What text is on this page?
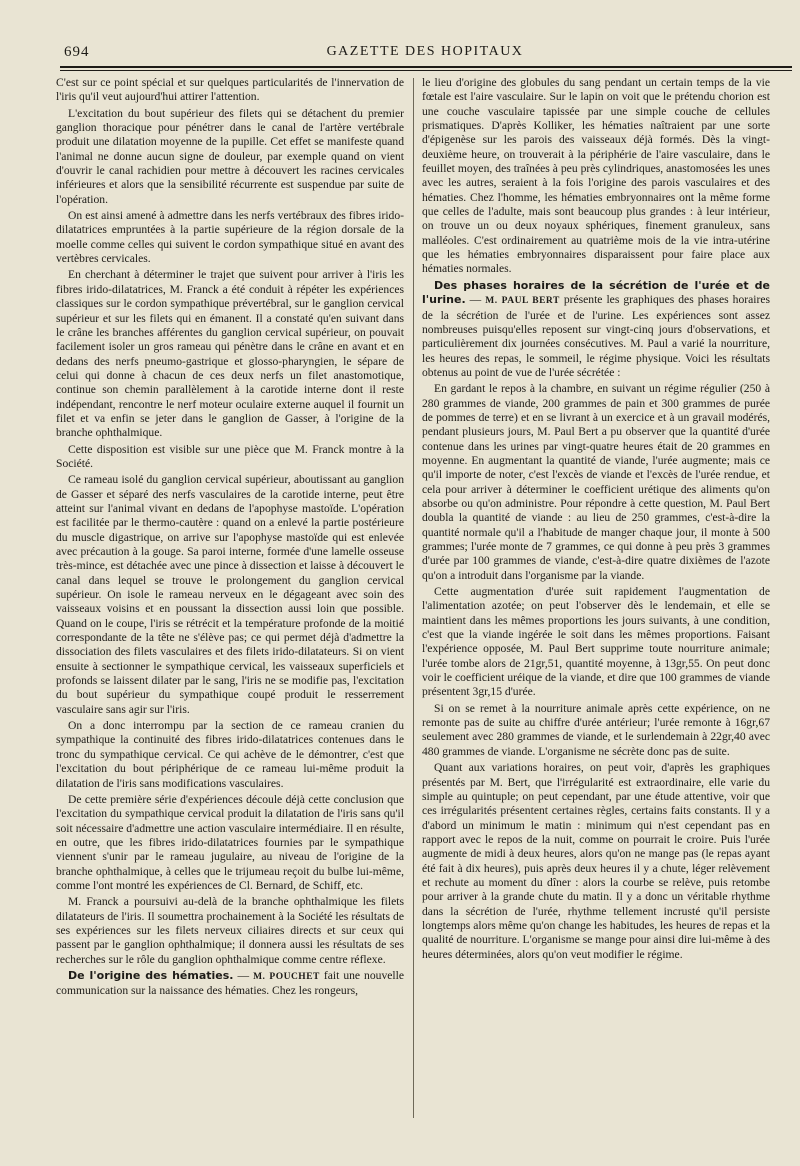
694	GAZETTE DES HOPITAUX

C'est sur ce point spécial et sur quelques particularités de l'innervation de l'iris qu'il veut aujourd'hui attirer l'attention.

L'excitation du bout supérieur des filets qui se détachent du premier ganglion thoracique pour pénétrer dans le canal de l'artère vertébrale produit une dilatation moyenne de la pupille. Cet effet se manifeste quand l'animal ne donne aucun signe de douleur, par exemple quand on vient d'ouvrir le canal rachidien pour mettre à découvert les racines cervicales inférieures et alors que la sensibilité récurrente est suspendue par suite de l'opération.

On est ainsi amené à admettre dans les nerfs vertébraux des fibres irido-dilatatrices empruntées à la partie supérieure de la région dorsale de la moelle comme celles qui suivent le cordon sympathique situé en avant des vertèbres cervicales.

En cherchant à déterminer le trajet que suivent pour arriver à l'iris les fibres irido-dilatatrices, M. Franck a été conduit à répéter les expériences classiques sur le cordon sympathique prévertébral, sur le ganglion cervical supérieur et sur les filets qui en émanent. Il a constaté qu'en suivant dans le crâne les branches afférentes du ganglion cervical supérieur, on pouvait facilement isoler un gros rameau qui pénètre dans le crâne en avant et en dedans des nerfs pneumo-gastrique et glosso-pharyngien, le sépare de celui qui donne à chacun de ces deux nerfs un filet anastomotique, continue son chemin parallèlement à la carotide interne dont il reste indépendant, rencontre le nerf moteur oculaire externe auquel il fournit un filet et va enfin se jeter dans le ganglion de Gasser, à l'origine de la branche ophthalmique.

Cette disposition est visible sur une pièce que M. Franck montre à la Société.

Ce rameau isolé du ganglion cervical supérieur, aboutissant au ganglion de Gasser et séparé des nerfs vasculaires de la carotide interne, peut être atteint sur l'animal vivant en dedans de l'apophyse mastoïde. L'opération est facilitée par le thermo-cautère : quand on a enlevé la partie postérieure du muscle digastrique, on arrive sur l'apophyse mastoïde qui est enlevée avec précaution à la gouge. Sa paroi interne, formée d'une lamelle osseuse très-mince, est détachée avec une pince à dissection et laisse à découvert le canal dans lequel se trouve le prolongement du ganglion cervical supérieur. On isole le rameau nerveux en le dégageant avec soin des vaisseaux voisins et en poussant la dissection aussi loin que possible. Quand on le coupe, l'iris se rétrécit et la température profonde de la moitié correspondante de la tête ne s'élève pas; ce qui permet déjà d'admettre la dissociation des filets vasculaires et des filets irido-dilatateurs. Si on vient ensuite à sectionner le sympathique cervical, les vaisseaux superficiels et profonds se laissent dilater par le sang, l'iris ne se modifie pas, l'excitation du bout supérieur du sympathique coupé produit le resserrement vasculaire sans agir sur l'iris.

On a donc interrompu par la section de ce rameau cranien du sympathique la continuité des fibres irido-dilatatrices contenues dans le tronc du sympathique cervical. Ce qui achève de le démontrer, c'est que l'excitation du bout périphérique de ce rameau lui-même produit la dilatation de l'iris sans modifications vasculaires.

De cette première série d'expériences découle déjà cette conclusion que l'excitation du sympathique cervical produit la dilatation de l'iris sans qu'il soit nécessaire d'admettre une action vasculaire intermédiaire. Il en résulte, en outre, que les fibres irido-dilatatrices fournies par le sympathique viennent s'unir par le rameau jugulaire, au niveau de l'origine de la branche ophthalmique, à celles que le trijumeau reçoit du bulbe lui-même, comme l'ont montré les expériences de Cl. Bernard, de Schiff, etc.

M. Franck a poursuivi au-delà de la branche ophthalmique les filets dilatateurs de l'iris. Il soumettra prochainement à la Société les résultats de ses expériences sur les filets nerveux ciliaires directs et sur ceux qui passent par le ganglion ophthalmique; il donnera aussi les résultats de ses recherches sur le rôle du ganglion ophthalmique comme centre réflexe.

De l'origine des hématies. — M. POUCHET fait une nouvelle communication sur la naissance des hématies. Chez les rongeurs,

le lieu d'origine des globules du sang pendant un certain temps de la vie fœtale est l'aire vasculaire. Sur le lapin on voit que le prétendu chorion est une couche vasculaire tapissée par une simple couche de cellules prismatiques. D'après Kolliker, les hématies naîtraient par une sorte d'épigenèse sur les parois des vaisseaux déjà formés. Dès la vingt-deuxième heure, on trouverait à la périphérie de l'aire vasculaire, dans le feuillet moyen, des traînées à peu près cylindriques, anastomosées les unes avec les autres, seraient à la fois l'origine des parois vasculaires et des hématies. Chez l'homme, les hématies embryonnaires ont la même forme que celles de l'adulte, mais sont beaucoup plus grandes : à leur intérieur, on trouve un ou deux noyaux sphériques, finement granuleux, sans malléoles. C'est ordinairement au quatrième mois de la vie intra-utérine que les hématies embryonnaires disparaissent pour faire place aux hématies normales.

Des phases horaires de la sécrétion de l'urée et de l'urine. — M. PAUL BERT présente les graphiques des phases horaires de la sécrétion de l'urée et de l'urine. Les expériences sont assez nombreuses puisqu'elles reposent sur vingt-cinq jours d'observations, et particulièrement dix journées consécutives. M. Paul a varié la nourriture, les heures des repas, le sommeil, le régime physique. Voici les résultats obtenus au point de vue de l'urée sécrétée :

En gardant le repos à la chambre, en suivant un régime régulier (250 à 280 grammes de viande, 200 grammes de pain et 300 grammes de purée de pommes de terre) et en se livrant à un exercice et à un gravail modérés, pendant plusieurs jours, M. Paul Bert a pu observer que la quantité d'urée contenue dans les urines par vingt-quatre heures était de 20 grammes en moyenne. En augmentant la quantité de viande, l'urée augmente; mais ce qu'il importe de noter, c'est l'excès de viande et l'excès de l'urée rendue, et cela pour arriver à déterminer le coefficient urétique des aliments qu'on absorbe ou qu'on administre. Pour répondre à cette question, M. Paul Bert doubla la quantité de viande : au lieu de 250 grammes, c'est-à-dire la quantité normale qu'il a l'habitude de manger chaque jour, il monte à 500 grammes; l'urée monte de 7 grammes, ce qui donne à peu près 3 grammes d'urée par 100 grammes de viande, c'est-à-dire quatre dixièmes de l'azote qu'on a introduit dans l'organisme par la viande.

Cette augmentation d'urée suit rapidement l'augmentation de l'alimentation azotée; on peut l'observer dès le lendemain, et elle se maintient dans les mêmes proportions les jours suivants, à une condition, c'est que la viande ingérée le soit dans les mêmes proportions. Faisant l'expérience opposée, M. Paul Bert supprime toute nourriture animale; l'urée tombe alors de 21gr,51, quantité moyenne, à 13gr,55. On peut donc voir le coefficient uréique de la viande, et dire que 100 grammes de viande présentent 3gr,15 d'urée.

Si on se remet à la nourriture animale après cette expérience, on ne remonte pas de suite au chiffre d'urée antérieur; l'urée remonte à 16gr,67 seulement avec 280 grammes de viande, et le surlendemain à 22gr,40 avec 480 grammes de viande. L'organisme ne sécrète donc pas de suite.

Quant aux variations horaires, on peut voir, d'après les graphiques présentés par M. Bert, que l'irrégularité est extraordinaire, elle varie du simple au quintuple; on peut cependant, par une étude attentive, voir que ces irrégularités présentent certaines règles, certains faits constants. Il y a d'abord un minimum le matin : minimum qui n'est cependant pas en rapport avec le repos de la nuit, comme on pourrait le croire. Puis l'urée augmente de midi à deux heures, alors qu'on ne mange pas (le repas ayant été fait à dix heures), puis après deux heures il y a chute, léger relèvement et rechute au moment du dîner : alors la courbe se relève, puis retombe pour arriver à la grande chute du matin. Il y a donc un véritable rhythme dans la sécrétion de l'urée, rhythme tellement incrusté qu'il persiste longtemps alors même qu'on change les habitudes, les heures de repas et la qualité de nourriture. L'organisme se mange pour ainsi dire lui-même à des heures déterminées, alors qu'on veut modifier le régime.
